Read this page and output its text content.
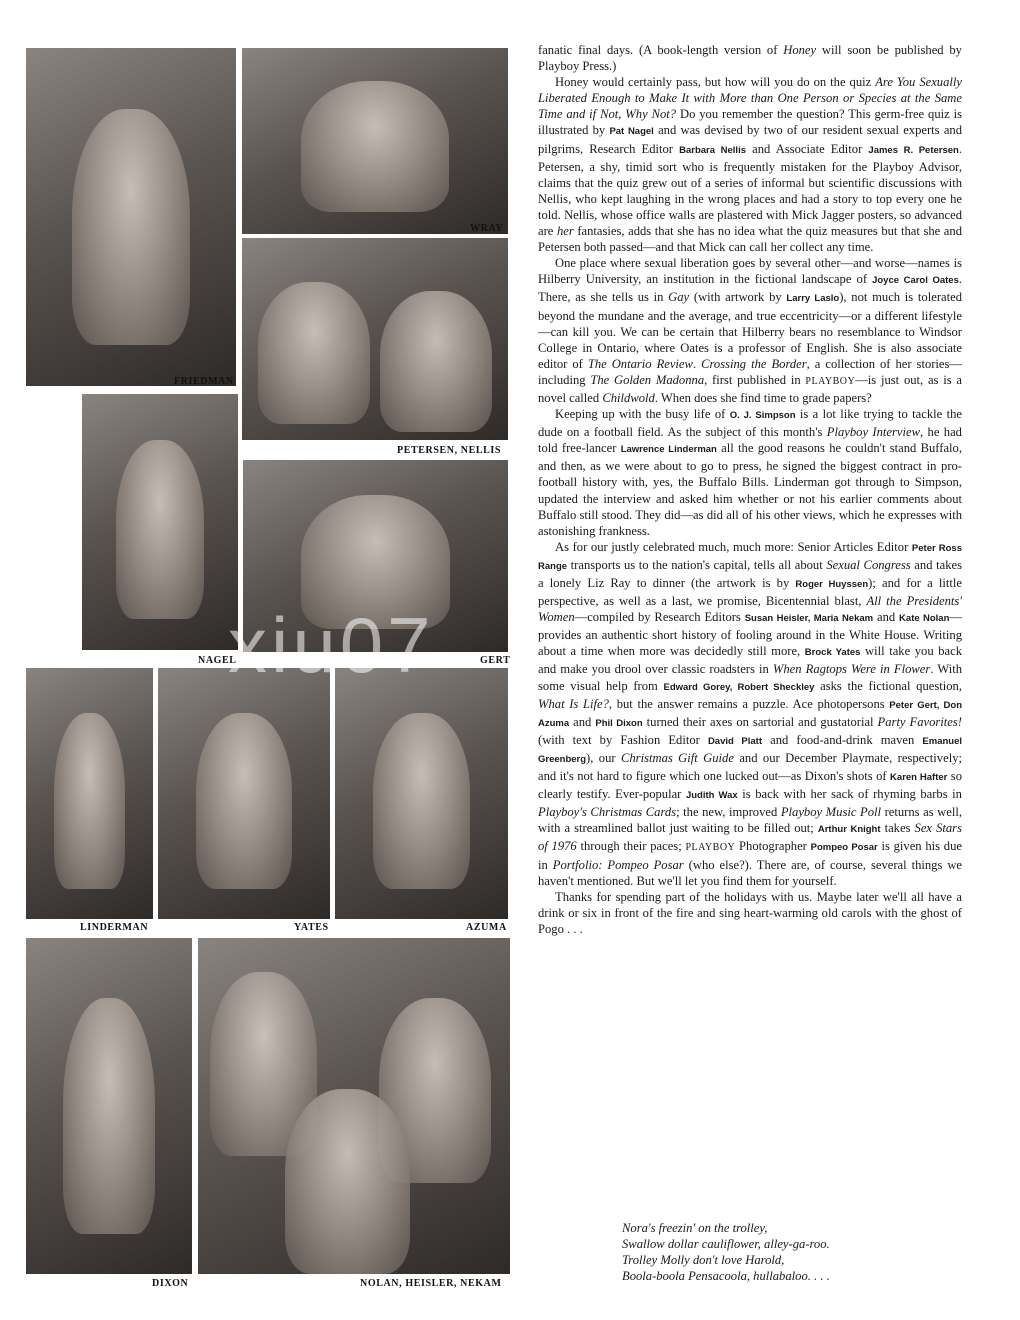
FRIEDMAN
WRAY
PETERSEN, NELLIS
NAGEL	GERT
LINDERMAN	YATES	AZUMA
DIXON	NOLAN, HEISLER, NEKAM
xiu07

fanatic final days. (A book-length version of Honey will soon be published by Playboy Press.)

Honey would certainly pass, but how will you do on the quiz Are You Sexually Liberated Enough to Make It with More than One Person or Species at the Same Time and if Not, Why Not? Do you remember the question? This germ-free quiz is illustrated by Pat Nagel and was devised by two of our resident sexual experts and pilgrims, Research Editor Barbara Nellis and Associate Editor James R. Petersen. Petersen, a shy, timid sort who is frequently mistaken for the Playboy Advisor, claims that the quiz grew out of a series of informal but scientific discussions with Nellis, who kept laughing in the wrong places and had a story to top every one he told. Nellis, whose office walls are plastered with Mick Jagger posters, so advanced are her fantasies, adds that she has no idea what the quiz measures but that she and Petersen both passed—and that Mick can call her collect any time.

One place where sexual liberation goes by several other—and worse—names is Hilberry University, an institution in the fictional landscape of Joyce Carol Oates. There, as she tells us in Gay (with artwork by Larry Laslo), not much is tolerated beyond the mundane and the average, and true eccentricity—or a different lifestyle—can kill you. We can be certain that Hilberry bears no resemblance to Windsor College in Ontario, where Oates is a professor of English. She is also associate editor of The Ontario Review. Crossing the Border, a collection of her stories—including The Golden Madonna, first published in PLAYBOY—is just out, as is a novel called Childwold. When does she find time to grade papers?

Keeping up with the busy life of O. J. Simpson is a lot like trying to tackle the dude on a football field. As the subject of this month's Playboy Interview, he had told free-lancer Lawrence Linderman all the good reasons he couldn't stand Buffalo, and then, as we were about to go to press, he signed the biggest contract in pro-football history with, yes, the Buffalo Bills. Linderman got through to Simpson, updated the interview and asked him whether or not his earlier comments about Buffalo still stood. They did—as did all of his other views, which he expresses with astonishing frankness.

As for our justly celebrated much, much more: Senior Articles Editor Peter Ross Range transports us to the nation's capital, tells all about Sexual Congress and takes a lonely Liz Ray to dinner (the artwork is by Roger Huyssen); and for a little perspective, as well as a last, we promise, Bicentennial blast, All the Presidents' Women—compiled by Research Editors Susan Heisler, Maria Nekam and Kate Nolan—provides an authentic short history of fooling around in the White House. Writing about a time when more was decidedly still more, Brock Yates will take you back and make you drool over classic roadsters in When Ragtops Were in Flower. With some visual help from Edward Gorey, Robert Sheckley asks the fictional question, What Is Life?, but the answer remains a puzzle. Ace photopersons Peter Gert, Don Azuma and Phil Dixon turned their axes on sartorial and gustatorial Party Favorites! (with text by Fashion Editor David Platt and food-and-drink maven Emanuel Greenberg), our Christmas Gift Guide and our December Playmate, respectively; and it's not hard to figure which one lucked out—as Dixon's shots of Karen Hafter so clearly testify. Ever-popular Judith Wax is back with her sack of rhyming barbs in Playboy's Christmas Cards; the new, improved Playboy Music Poll returns as well, with a streamlined ballot just waiting to be filled out; Arthur Knight takes Sex Stars of 1976 through their paces; PLAYBOY Photographer Pompeo Posar is given his due in Portfolio: Pompeo Posar (who else?). There are, of course, several things we haven't mentioned. But we'll let you find them for yourself.

Thanks for spending part of the holidays with us. Maybe later we'll all have a drink or six in front of the fire and sing heart-warming old carols with the ghost of Pogo . . .

Nora's freezin' on the trolley,
Swallow dollar cauliflower, alley-ga-roo.
Trolley Molly don't love Harold,
Boola-boola Pensacoola, hullabaloo. . . .
